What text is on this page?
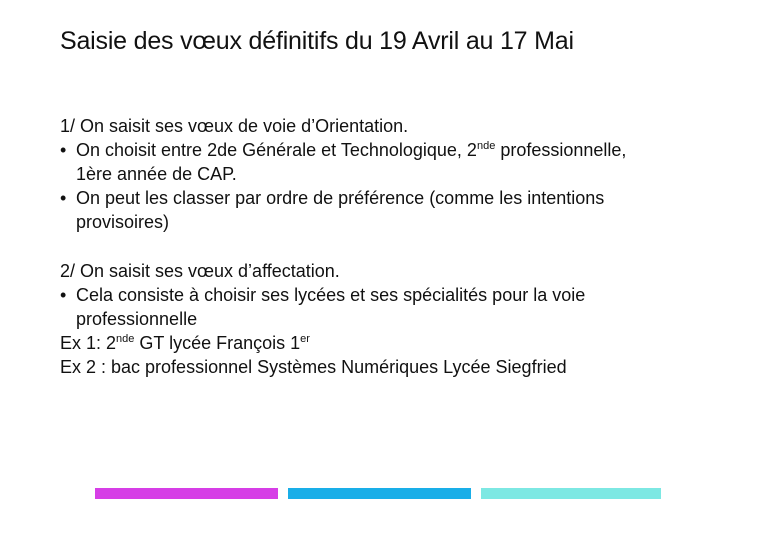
Saisie des vœux définitifs du 19 Avril au 17 Mai

1/ On saisit ses vœux de voie d’Orientation.

• On choisit entre 2de Générale et Technologique, 2nde professionnelle,
1ère année de CAP.
• On peut les classer par ordre de préférence (comme les intentions
provisoires)

2/ On saisit ses vœux d’affectation.

• Cela consiste à choisir ses lycées et ses spécialités pour la voie
professionnelle

Ex 1: 2nde GT lycée François 1er

Ex 2 : bac professionnel Systèmes Numériques Lycée Siegfried
